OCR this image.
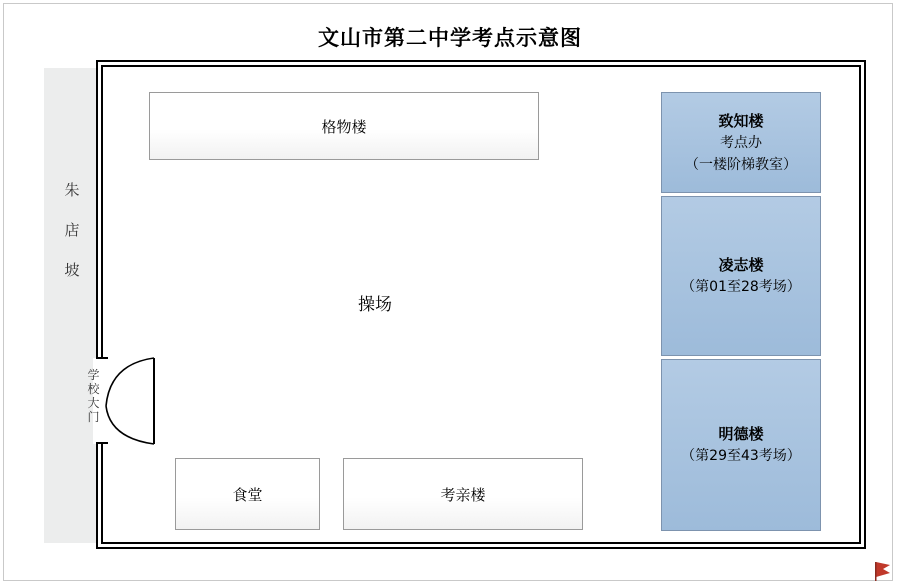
文山市第二中学考点示意图
朱
店
坡
学校大门
格物楼
食堂	考亲楼
操场
致知楼
考点办
（一楼阶梯教室）
凌志楼
（第01至28考场）
明德楼
（第29至43考场）
